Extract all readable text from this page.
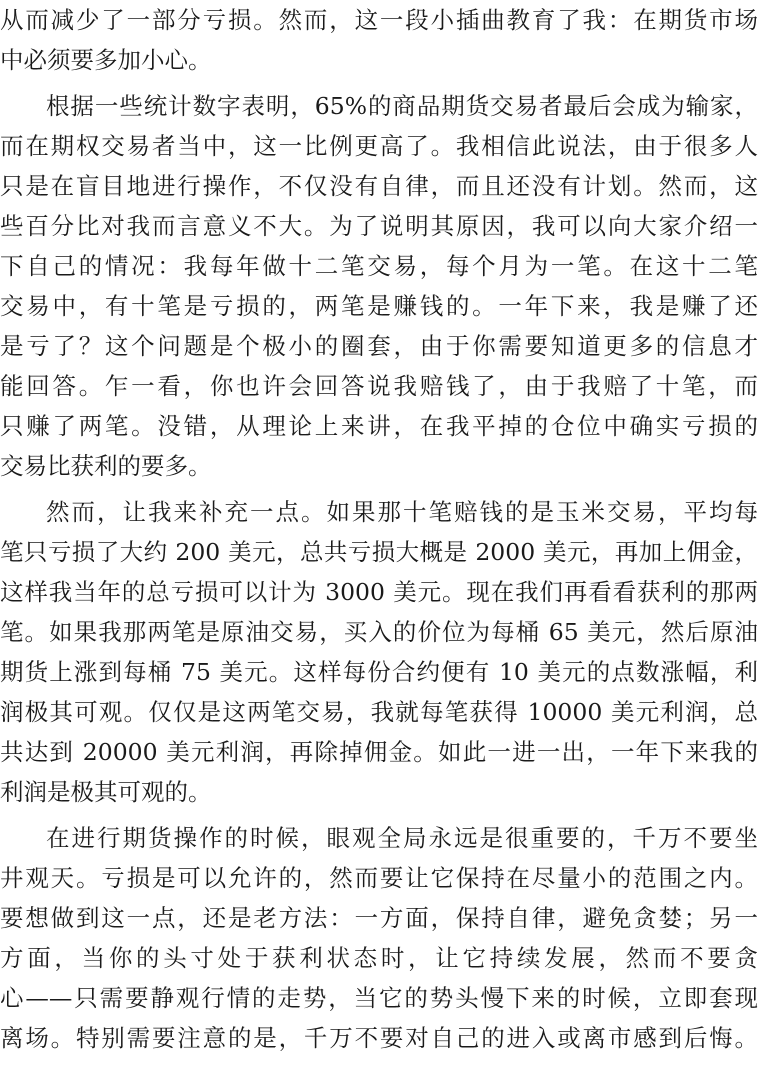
从而减少了一部分亏损。然而，这一段小插曲教育了我：在期货市场
中必须要多加小心。
根据一些统计数字表明，65%的商品期货交易者最后会成为输家，
而在期权交易者当中，这一比例更高了。我相信此说法，由于很多人
只是在盲目地进行操作，不仅没有自律，而且还没有计划。然而，这
些百分比对我而言意义不大。为了说明其原因，我可以向大家介绍一
下自己的情况：我每年做十二笔交易，每个月为一笔。在这十二笔
交易中，有十笔是亏损的，两笔是赚钱的。一年下来，我是赚了还
是亏了？这个问题是个极小的圈套，由于你需要知道更多的信息才
能回答。乍一看，你也许会回答说我赔钱了，由于我赔了十笔，而
只赚了两笔。没错，从理论上来讲，在我平掉的仓位中确实亏损的
交易比获利的要多。
然而，让我来补充一点。如果那十笔赔钱的是玉米交易，平均每
笔只亏损了大约 200 美元，总共亏损大概是 2000 美元，再加上佣金，
这样我当年的总亏损可以计为 3000 美元。现在我们再看看获利的那两
笔。如果我那两笔是原油交易，买入的价位为每桶 65 美元，然后原油
期货上涨到每桶 75 美元。这样每份合约便有 10 美元的点数涨幅，利
润极其可观。仅仅是这两笔交易，我就每笔获得 10000 美元利润，总
共达到 20000 美元利润，再除掉佣金。如此一进一出，一年下来我的
利润是极其可观的。
在进行期货操作的时候，眼观全局永远是很重要的，千万不要坐
井观天。亏损是可以允许的，然而要让它保持在尽量小的范围之内。
要想做到这一点，还是老方法：一方面，保持自律，避免贪婪；另一
方面，当你的头寸处于获利状态时，让它持续发展，然而不要贪
心——只需要静观行情的走势，当它的势头慢下来的时候，立即套现
离场。特别需要注意的是，千万不要对自己的进入或离市感到后悔。
